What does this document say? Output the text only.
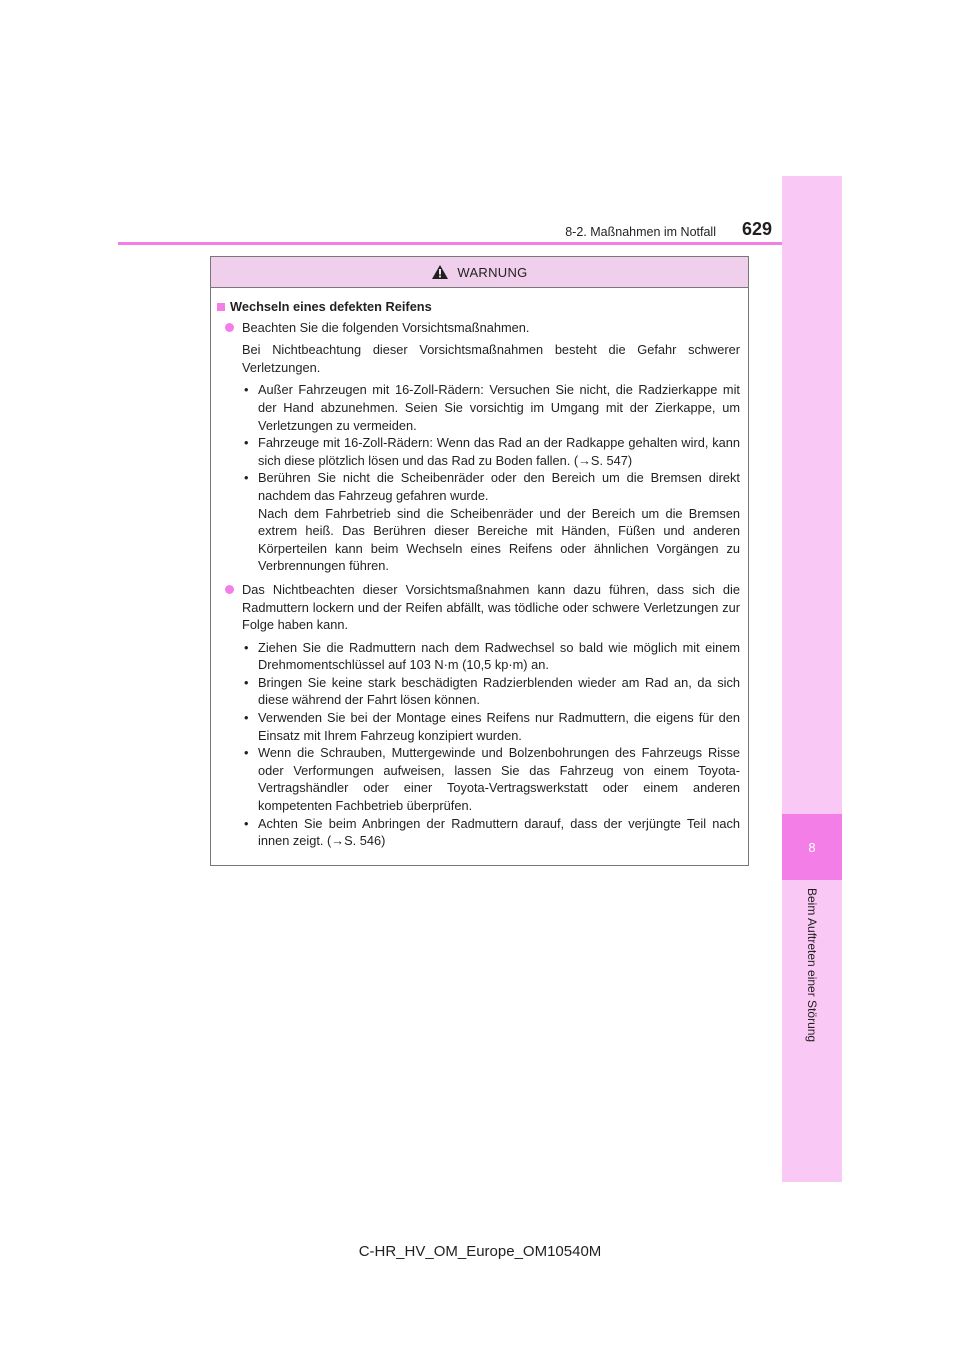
8
Beim Auftreten einer Störung
8-2. Maßnahmen im Notfall	629
WARNUNG
Wechseln eines defekten Reifens
Beachten Sie die folgenden Vorsichtsmaßnahmen.
Bei Nichtbeachtung dieser Vorsichtsmaßnahmen besteht die Gefahr schwerer Verletzungen.
• Außer Fahrzeugen mit 16-Zoll-Rädern: Versuchen Sie nicht, die Radzierkappe mit der Hand abzunehmen. Seien Sie vorsichtig im Umgang mit der Zierkappe, um Verletzungen zu vermeiden.
• Fahrzeuge mit 16-Zoll-Rädern: Wenn das Rad an der Radkappe gehalten wird, kann sich diese plötzlich lösen und das Rad zu Boden fallen. (→S. 547)
• Berühren Sie nicht die Scheibenräder oder den Bereich um die Bremsen direkt nachdem das Fahrzeug gefahren wurde.
Nach dem Fahrbetrieb sind die Scheibenräder und der Bereich um die Bremsen extrem heiß. Das Berühren dieser Bereiche mit Händen, Füßen und anderen Körperteilen kann beim Wechseln eines Reifens oder ähnlichen Vorgängen zu Verbrennungen führen.
Das Nichtbeachten dieser Vorsichtsmaßnahmen kann dazu führen, dass sich die Radmuttern lockern und der Reifen abfällt, was tödliche oder schwere Verletzungen zur Folge haben kann.
• Ziehen Sie die Radmuttern nach dem Radwechsel so bald wie möglich mit einem Drehmomentschlüssel auf 103 N·m (10,5 kp·m) an.
• Bringen Sie keine stark beschädigten Radzierblenden wieder am Rad an, da sich diese während der Fahrt lösen können.
• Verwenden Sie bei der Montage eines Reifens nur Radmuttern, die eigens für den Einsatz mit Ihrem Fahrzeug konzipiert wurden.
• Wenn die Schrauben, Muttergewinde und Bolzenbohrungen des Fahrzeugs Risse oder Verformungen aufweisen, lassen Sie das Fahrzeug von einem Toyota-Vertragshändler oder einer Toyota-Vertragswerkstatt oder einem anderen kompetenten Fachbetrieb überprüfen.
• Achten Sie beim Anbringen der Radmuttern darauf, dass der verjüngte Teil nach innen zeigt. (→S. 546)
C-HR_HV_OM_Europe_OM10540M
